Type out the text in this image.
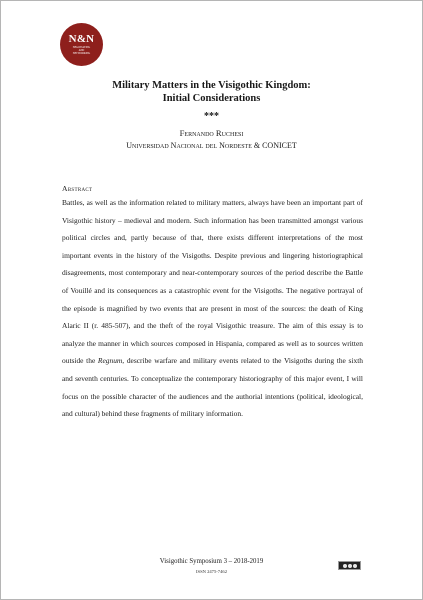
N&N
NEGOTIATING
AND
NETWORKING
Military Matters in the Visigothic Kingdom:
Initial Considerations
***
Fernando Ruchesi
Universidad Nacional del Nordeste & CONICET
Abstract

Battles, as well as the information related to military matters, always have been an important part of Visigothic history – medieval and modern. Such information has been transmitted amongst various political circles and, partly because of that, there exists different interpretations of the most important events in the history of the Visigoths. Despite previous and lingering historiographical disagreements, most contemporary and near-contemporary sources of the period describe the Battle of Vouillé and its consequences as a catastrophic event for the Visigoths. The negative portrayal of the episode is magnified by two events that are present in most of the sources: the death of King Alaric II (r. 485-507), and the theft of the royal Visigothic treasure. The aim of this essay is to analyze the manner in which sources composed in Hispania, compared as well as to sources written outside the Regnum, describe warfare and military events related to the Visigoths during the sixth and seventh centuries. To conceptualize the contemporary historiography of this major event, I will focus on the possible character of the audiences and the authorial intentions (political, ideological, and cultural) behind these fragments of military information.

Visigothic Symposium 3 – 2018-2019
ISSN 2475-7462
